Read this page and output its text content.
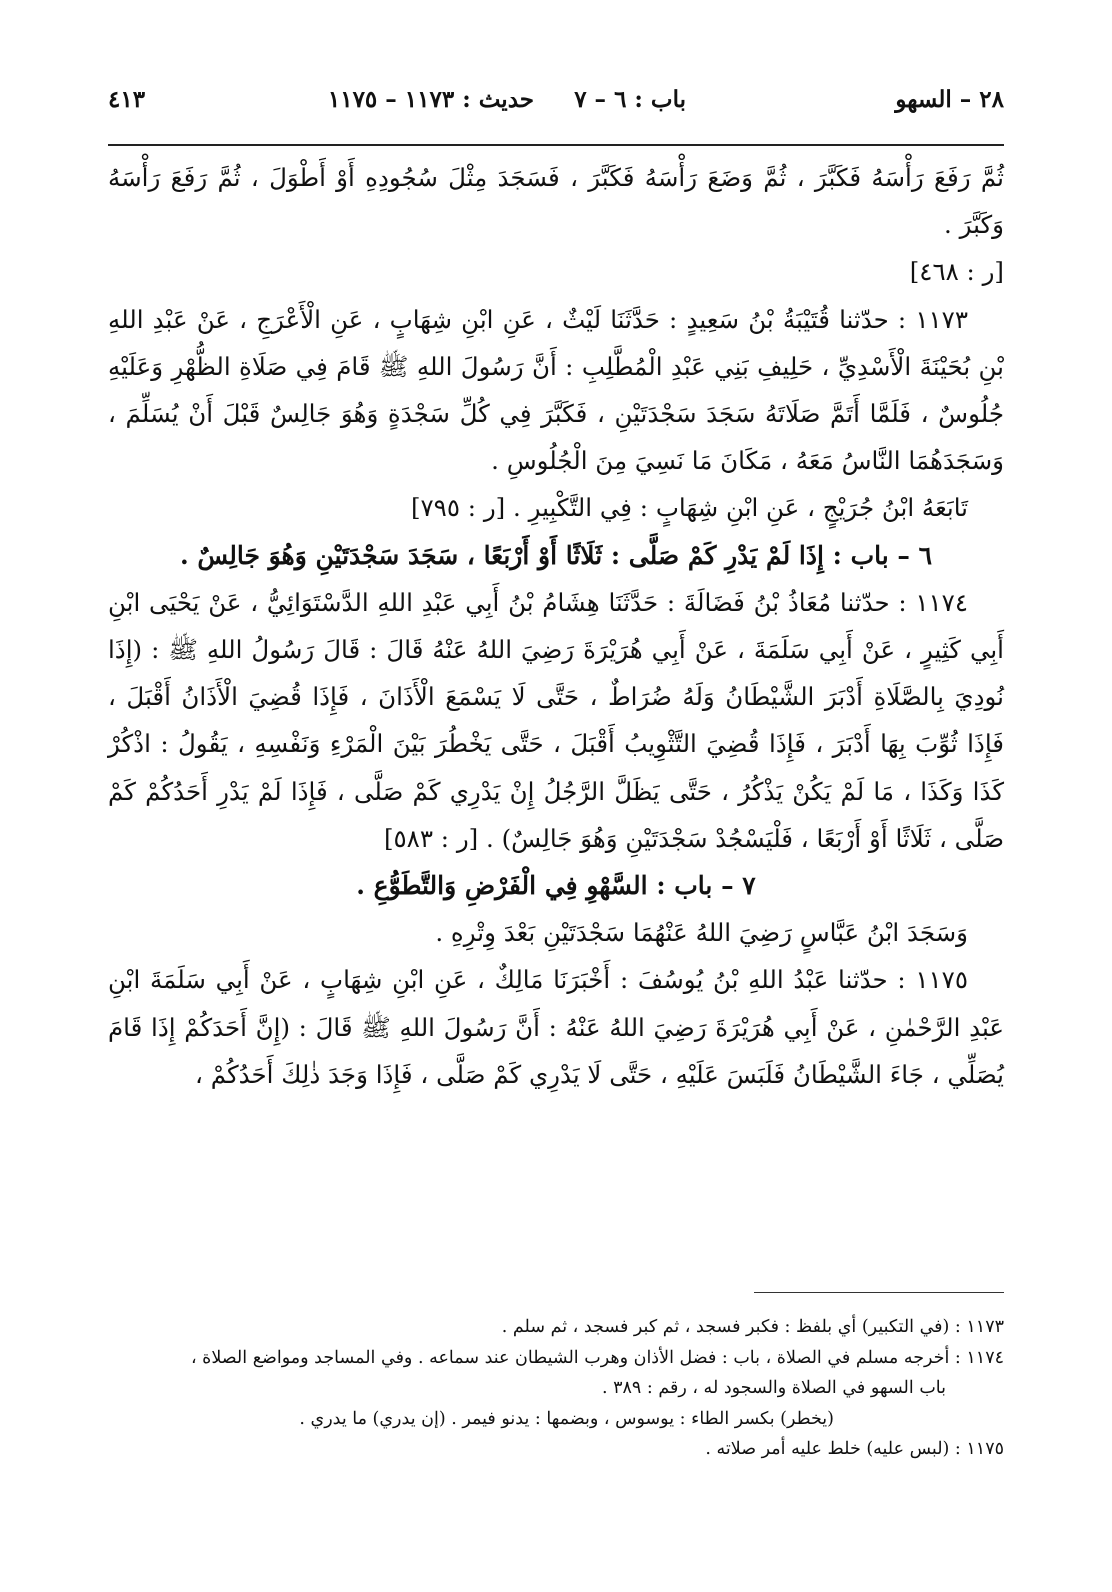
٢٨ – السهو
باب : ٦ – ٧
حديث : ١١٧٣ – ١١٧٥
٤١٣

ثُمَّ رَفَعَ رَأْسَهُ فَكَبَّرَ ، ثُمَّ وَضَعَ رَأْسَهُ فَكَبَّرَ ، فَسَجَدَ مِثْلَ سُجُودِهِ أَوْ أَطْوَلَ ، ثُمَّ رَفَعَ رَأْسَهُ وَكَبَّرَ .

[ر : ٤٦٨]

١١٧٣ : حدّثنا قُتَيْبَةُ بْنُ سَعِيدٍ : حَدَّثَنَا لَيْثٌ ، عَنِ ابْنِ شِهَابٍ ، عَنِ الْأَعْرَجِ ، عَنْ عَبْدِ اللهِ بْنِ بُحَيْنَةَ الْأَسْدِيِّ ، حَلِيفِ بَنِي عَبْدِ الْمُطَّلِبِ : أَنَّ رَسُولَ اللهِ ﷺ قَامَ فِي صَلَاةِ الظُّهْرِ وَعَلَيْهِ جُلُوسٌ ، فَلَمَّا أَتَمَّ صَلَاتَهُ سَجَدَ سَجْدَتَيْنِ ، فَكَبَّرَ فِي كُلِّ سَجْدَةٍ وَهُوَ جَالِسٌ قَبْلَ أَنْ يُسَلِّمَ ، وَسَجَدَهُمَا النَّاسُ مَعَهُ ، مَكَانَ مَا نَسِيَ مِنَ الْجُلُوسِ .

تَابَعَهُ ابْنُ جُرَيْجٍ ، عَنِ ابْنِ شِهَابٍ : فِي التَّكْبِيرِ . [ر : ٧٩٥]

٦ – باب : إِذَا لَمْ يَدْرِ كَمْ صَلَّى : ثَلَاثًا أَوْ أَرْبَعًا ، سَجَدَ سَجْدَتَيْنِ وَهُوَ جَالِسٌ .

١١٧٤ : حدّثنا مُعَاذُ بْنُ فَضَالَةَ : حَدَّثَنَا هِشَامُ بْنُ أَبِي عَبْدِ اللهِ الدَّسْتَوَائِيُّ ، عَنْ يَحْيَى ابْنِ أَبِي كَثِيرٍ ، عَنْ أَبِي سَلَمَةَ ، عَنْ أَبِي هُرَيْرَةَ رَضِيَ اللهُ عَنْهُ قَالَ : قَالَ رَسُولُ اللهِ ﷺ : (إِذَا نُودِيَ بِالصَّلَاةِ أَدْبَرَ الشَّيْطَانُ وَلَهُ ضُرَاطٌ ، حَتَّى لَا يَسْمَعَ الْأَذَانَ ، فَإِذَا قُضِيَ الْأَذَانُ أَقْبَلَ ، فَإِذَا ثُوِّبَ بِهَا أَدْبَرَ ، فَإِذَا قُضِيَ التَّثْوِيبُ أَقْبَلَ ، حَتَّى يَخْطُرَ بَيْنَ الْمَرْءِ وَنَفْسِهِ ، يَقُولُ : اذْكُرْ كَذَا وَكَذَا ، مَا لَمْ يَكُنْ يَذْكُرُ ، حَتَّى يَظَلَّ الرَّجُلُ إِنْ يَدْرِي كَمْ صَلَّى ، فَإِذَا لَمْ يَدْرِ أَحَدُكُمْ كَمْ صَلَّى ، ثَلَاثًا أَوْ أَرْبَعًا ، فَلْيَسْجُدْ سَجْدَتَيْنِ وَهُوَ جَالِسٌ) . [ر : ٥٨٣]

٧ – باب : السَّهْوِ فِي الْفَرْضِ وَالتَّطَوُّعِ .

وَسَجَدَ ابْنُ عَبَّاسٍ رَضِيَ اللهُ عَنْهُمَا سَجْدَتَيْنِ بَعْدَ وِتْرِهِ .

١١٧٥ : حدّثنا عَبْدُ اللهِ بْنُ يُوسُفَ : أَخْبَرَنَا مَالِكٌ ، عَنِ ابْنِ شِهَابٍ ، عَنْ أَبِي سَلَمَةَ ابْنِ عَبْدِ الرَّحْمٰنِ ، عَنْ أَبِي هُرَيْرَةَ رَضِيَ اللهُ عَنْهُ : أَنَّ رَسُولَ اللهِ ﷺ قَالَ : (إِنَّ أَحَدَكُمْ إِذَا قَامَ يُصَلِّي ، جَاءَ الشَّيْطَانُ فَلَبَسَ عَلَيْهِ ، حَتَّى لَا يَدْرِي كَمْ صَلَّى ، فَإِذَا وَجَدَ ذٰلِكَ أَحَدُكُمْ ،

١١٧٣ : (في التكبير) أي بلفظ : فكبر فسجد ، ثم كبر فسجد ، ثم سلم .

١١٧٤ : أخرجه مسلم في الصلاة ، باب : فضل الأذان وهرب الشيطان عند سماعه . وفي المساجد ومواضع الصلاة ،

باب السهو في الصلاة والسجود له ، رقم : ٣٨٩ .

(يخطر) بكسر الطاء : يوسوس ، وبضمها : يدنو فيمر . (إن يدري) ما يدري .

١١٧٥ : (لبس عليه) خلط عليه أمر صلاته .
